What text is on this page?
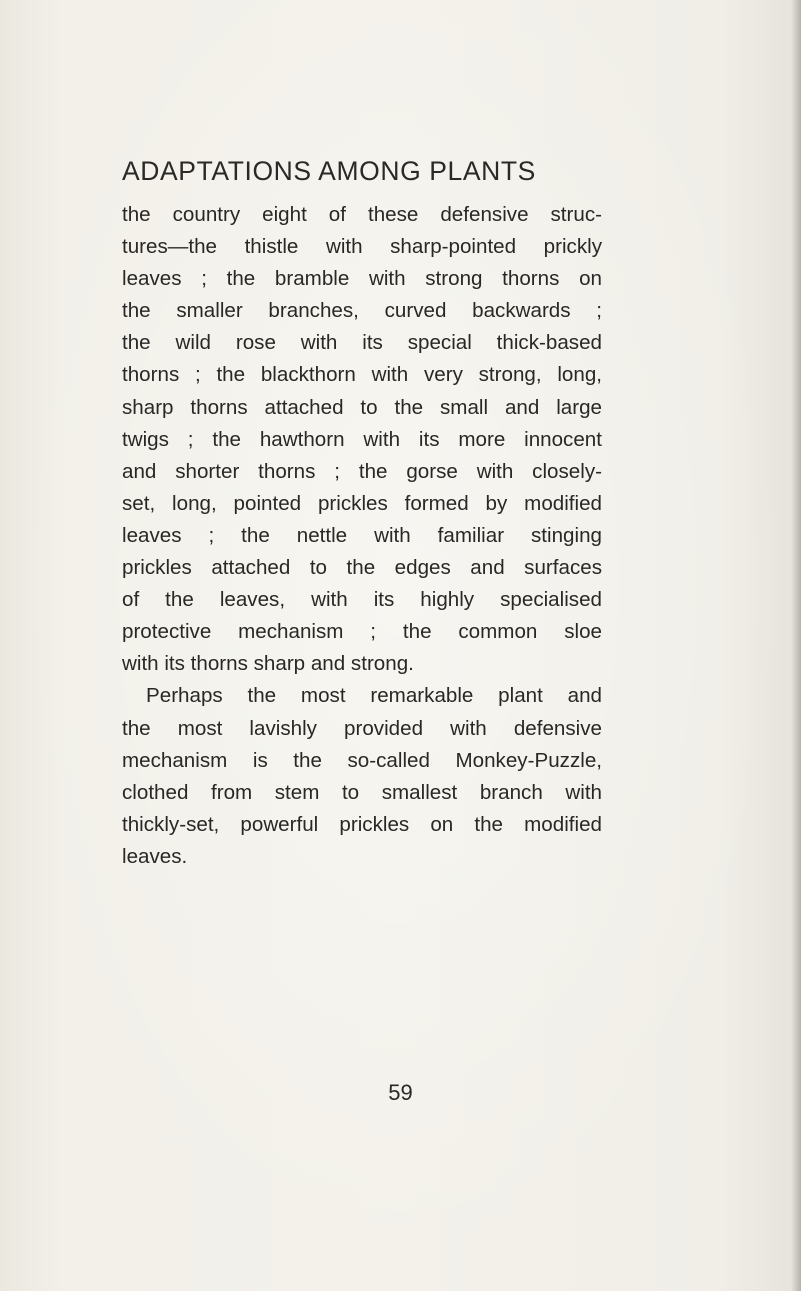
ADAPTATIONS AMONG PLANTS
the country eight of these defensive struc-
tures—the thistle with sharp-pointed prickly
leaves ; the bramble with strong thorns on
the smaller branches, curved backwards ;
the wild rose with its special thick-based
thorns ; the blackthorn with very strong, long,
sharp thorns attached to the small and large
twigs ; the hawthorn with its more innocent
and shorter thorns ; the gorse with closely-
set, long, pointed prickles formed by modified
leaves ; the nettle with familiar stinging
prickles attached to the edges and surfaces
of the leaves, with its highly specialised
protective mechanism ; the common sloe
with its thorns sharp and strong.
Perhaps the most remarkable plant and
the most lavishly provided with defensive
mechanism is the so-called Monkey-Puzzle,
clothed from stem to smallest branch with
thickly-set, powerful prickles on the modified
leaves.
59
